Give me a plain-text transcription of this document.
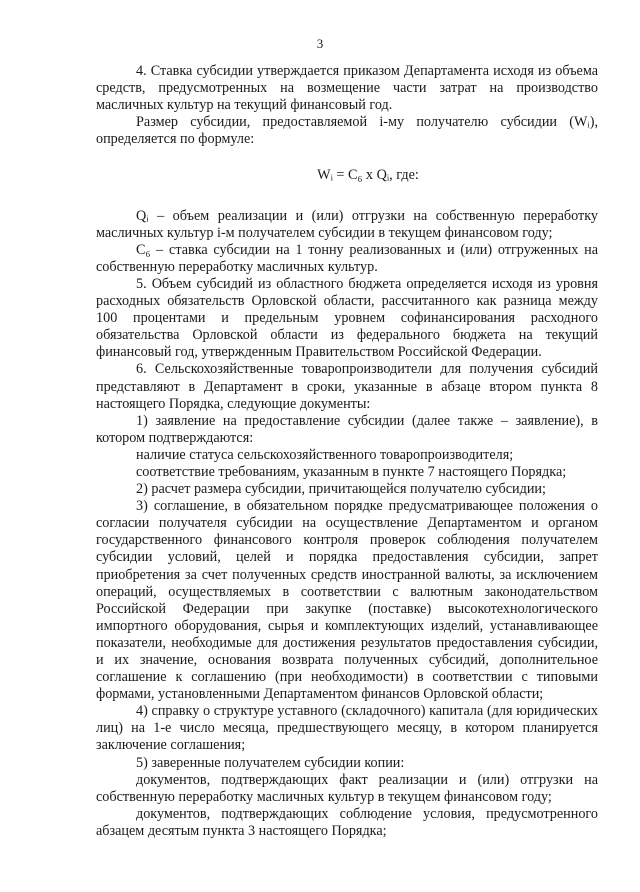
3

4. Ставка субсидии утверждается приказом Департамента исходя из объема средств, предусмотренных на возмещение части затрат на производство масличных культур на текущий финансовый год.

Размер субсидии, предоставляемой i-му получателю субсидии (Wᵢ), определяется по формуле:

Wᵢ = С₆ х Qᵢ, где:

Qᵢ – объем реализации и (или) отгрузки на собственную переработку масличных культур i-м получателем субсидии в текущем финансовом году;

С₆ – ставка субсидии на 1 тонну реализованных и (или) отгруженных на собственную переработку масличных культур.

5. Объем субсидий из областного бюджета определяется исходя из уровня расходных обязательств Орловской области, рассчитанного как разница между 100 процентами и предельным уровнем софинансирования расходного обязательства Орловской области из федерального бюджета на текущий финансовый год, утвержденным Правительством Российской Федерации.

6. Сельскохозяйственные товаропроизводители для получения субсидий представляют в Департамент в сроки, указанные в абзаце втором пункта 8 настоящего Порядка, следующие документы:

1) заявление на предоставление субсидии (далее также – заявление), в котором подтверждаются:

наличие статуса сельскохозяйственного товаропроизводителя;

соответствие требованиям, указанным в пункте 7 настоящего Порядка;

2) расчет размера субсидии, причитающейся получателю субсидии;

3) соглашение, в обязательном порядке предусматривающее положения о согласии получателя субсидии на осуществление Департаментом и органом государственного финансового контроля проверок соблюдения получателем субсидии условий, целей и порядка предоставления субсидии, запрет приобретения за счет полученных средств иностранной валюты, за исключением операций, осуществляемых в соответствии с валютным законодательством Российской Федерации при закупке (поставке) высокотехнологического импортного оборудования, сырья и комплектующих изделий, устанавливающее показатели, необходимые для достижения результатов предоставления субсидии, и их значение, основания возврата полученных субсидий, дополнительное соглашение к соглашению (при необходимости) в соответствии с типовыми формами, установленными Департаментом финансов Орловской области;

4) справку о структуре уставного (складочного) капитала (для юридических лиц) на 1-е число месяца, предшествующего месяцу, в котором планируется заключение соглашения;

5) заверенные получателем субсидии копии:

документов, подтверждающих факт реализации и (или) отгрузки на собственную переработку масличных культур в текущем финансовом году;

документов, подтверждающих соблюдение условия, предусмотренного абзацем десятым пункта 3 настоящего Порядка;
